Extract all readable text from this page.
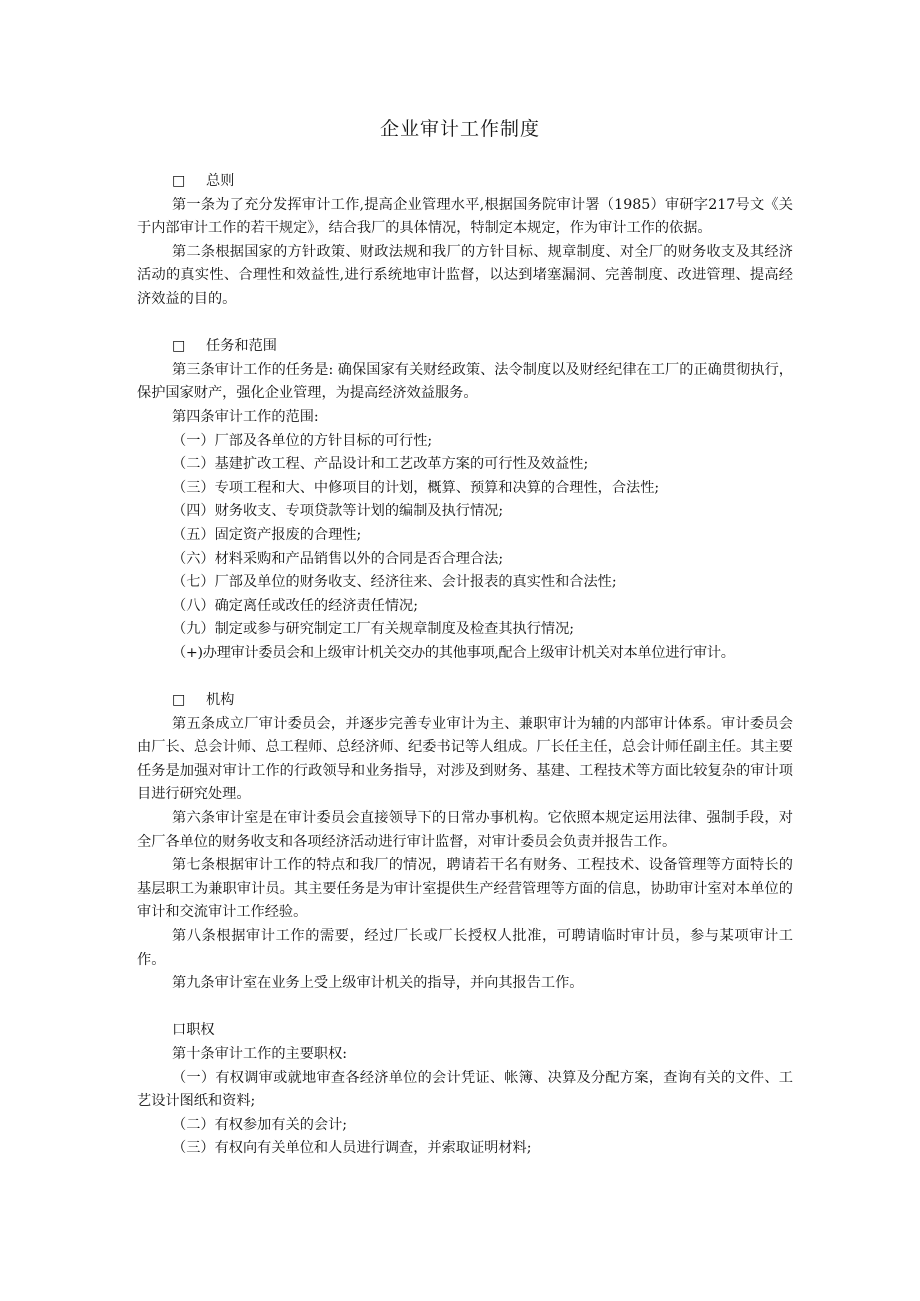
企业审计工作制度

□ 总则

第一条为了充分发挥审计工作,提高企业管理水平,根据国务院审计署（1985）审研字217号文《关于内部审计工作的若干规定》，结合我厂的具体情况，特制定本规定，作为审计工作的依据。

第二条根据国家的方针政策、财政法规和我厂的方针目标、规章制度、对全厂的财务收支及其经济活动的真实性、合理性和效益性,进行系统地审计监督，以达到堵塞漏洞、完善制度、改进管理、提高经济效益的目的。

□ 任务和范围

第三条审计工作的任务是: 确保国家有关财经政策、法令制度以及财经纪律在工厂的正确贯彻执行，保护国家财产，强化企业管理，为提高经济效益服务。

第四条审计工作的范围:

（一）厂部及各单位的方针目标的可行性;

（二）基建扩改工程、产品设计和工艺改革方案的可行性及效益性;

（三）专项工程和大、中修项目的计划，概算、预算和决算的合理性，合法性;

（四）财务收支、专项贷款等计划的编制及执行情况;

（五）固定资产报废的合理性;

（六）材料采购和产品销售以外的合同是否合理合法;

（七）厂部及单位的财务收支、经济往来、会计报表的真实性和合法性;

（八）确定离任或改任的经济责任情况;

（九）制定或参与研究制定工厂有关规章制度及检查其执行情况;

（+)办理审计委员会和上级审计机关交办的其他事项,配合上级审计机关对本单位进行审计。

□ 机构

第五条成立厂审计委员会，并逐步完善专业审计为主、兼职审计为辅的内部审计体系。审计委员会由厂长、总会计师、总工程师、总经济师、纪委书记等人组成。厂长任主任，总会计师任副主任。其主要任务是加强对审计工作的行政领导和业务指导，对涉及到财务、基建、工程技术等方面比较复杂的审计项目进行研究处理。

第六条审计室是在审计委员会直接领导下的日常办事机构。它依照本规定运用法律、强制手段，对全厂各单位的财务收支和各项经济活动进行审计监督，对审计委员会负责并报告工作。

第七条根据审计工作的特点和我厂的情况，聘请若干名有财务、工程技术、设备管理等方面特长的基层职工为兼职审计员。其主要任务是为审计室提供生产经营管理等方面的信息，协助审计室对本单位的审计和交流审计工作经验。

第八条根据审计工作的需要，经过厂长或厂长授权人批准，可聘请临时审计员，参与某项审计工作。

第九条审计室在业务上受上级审计机关的指导，并向其报告工作。

口职权

第十条审计工作的主要职权:

（一）有权调审或就地审查各经济单位的会计凭证、帐簿、决算及分配方案，查询有关的文件、工艺设计图纸和资料;

（二）有权参加有关的会计;

（三）有权向有关单位和人员进行调查，并索取证明材料;
